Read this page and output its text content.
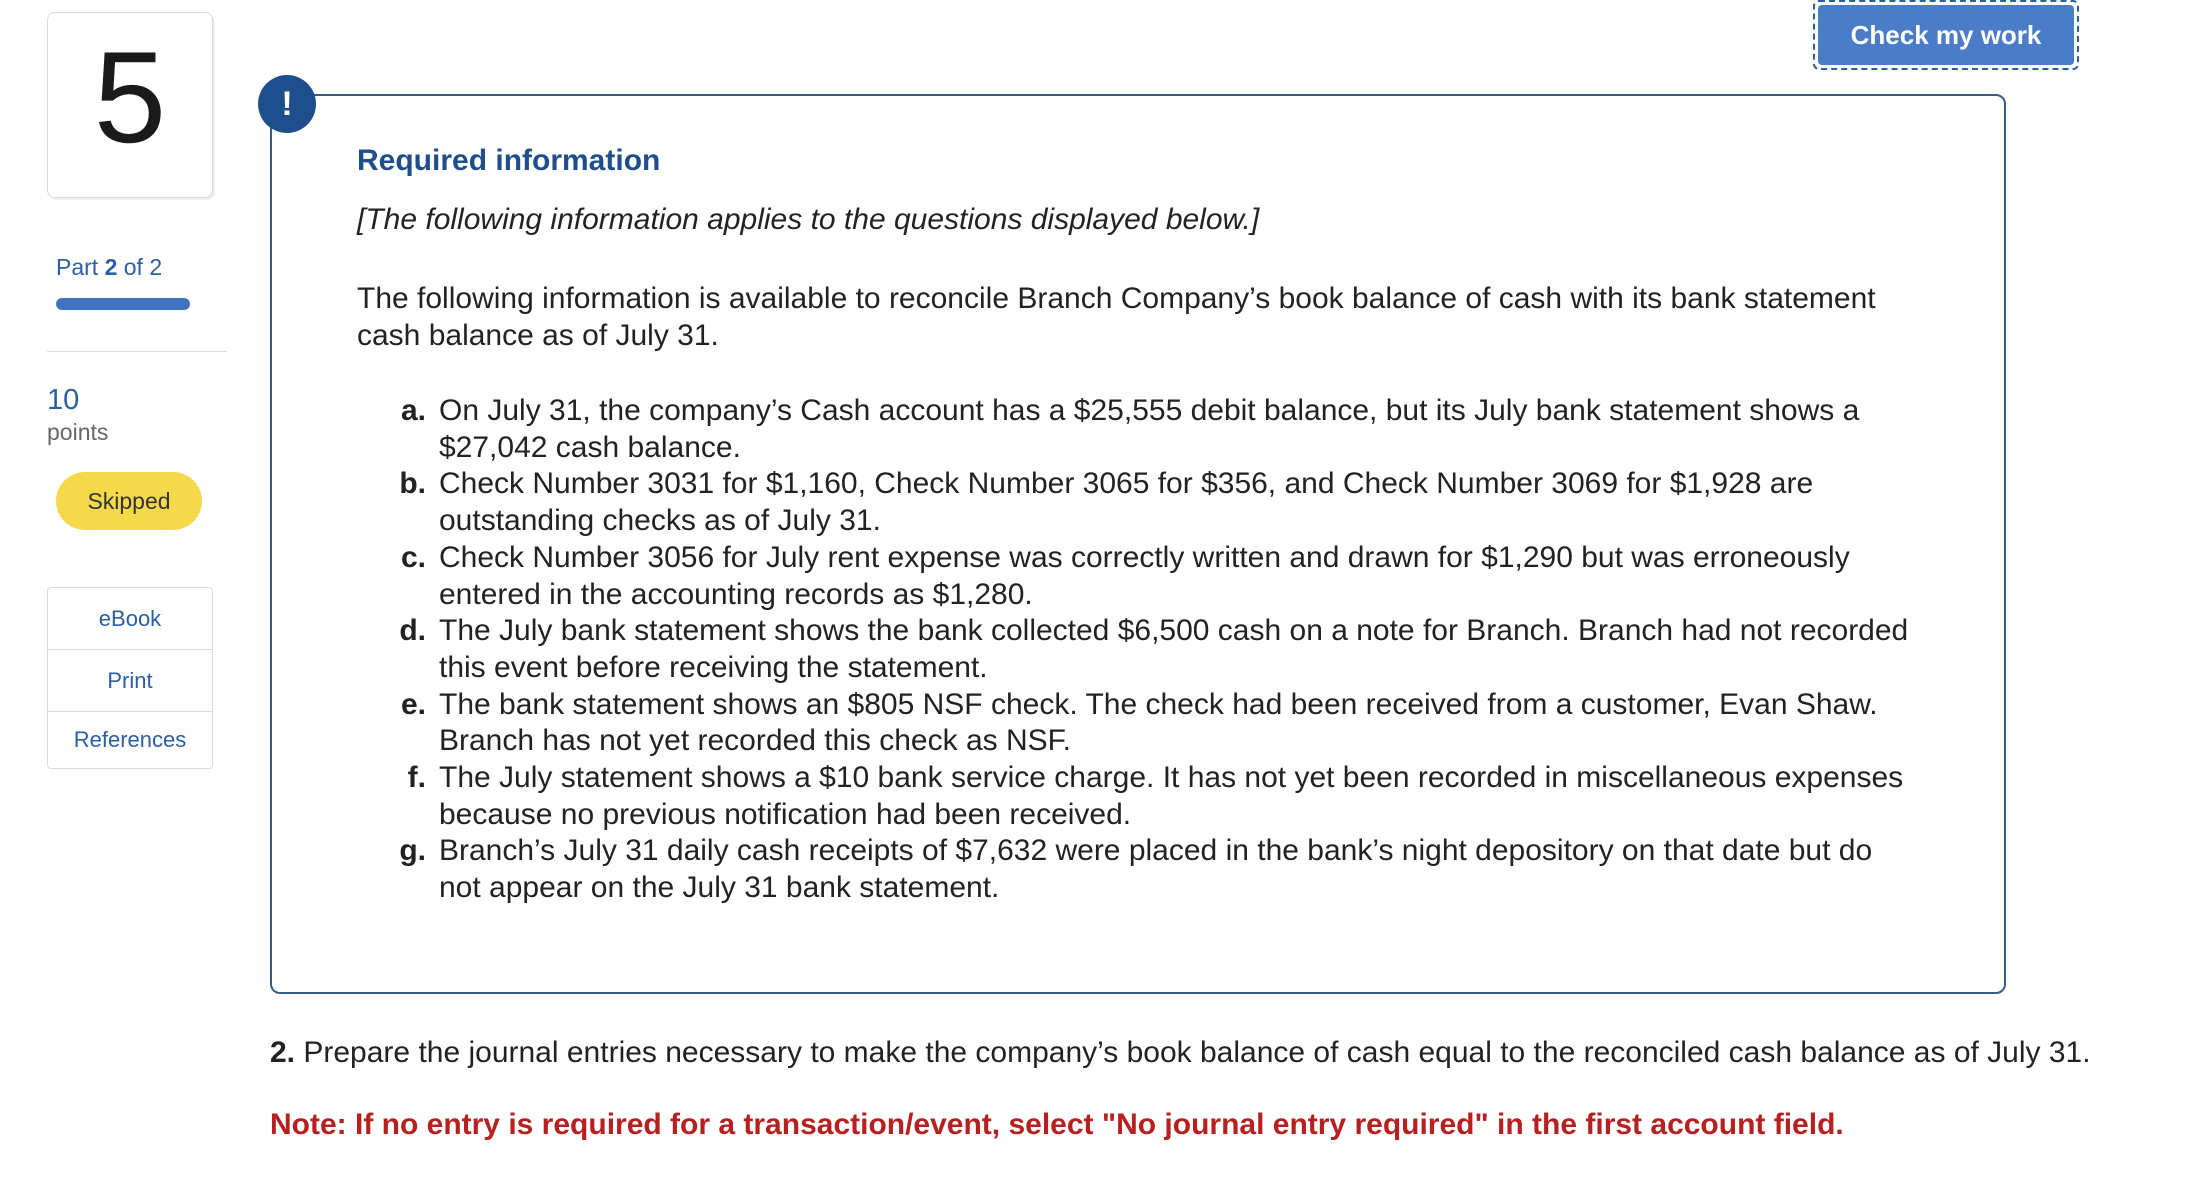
5
Part 2 of 2
10
points
Skipped
eBook
Print
References
Check my work
!
Required information
[The following information applies to the questions displayed below.]
The following information is available to reconcile Branch Company’s book balance of cash with its bank statement cash balance as of July 31.
a. On July 31, the company’s Cash account has a $25,555 debit balance, but its July bank statement shows a $27,042 cash balance.
b. Check Number 3031 for $1,160, Check Number 3065 for $356, and Check Number 3069 for $1,928 are outstanding checks as of July 31.
c. Check Number 3056 for July rent expense was correctly written and drawn for $1,290 but was erroneously entered in the accounting records as $1,280.
d. The July bank statement shows the bank collected $6,500 cash on a note for Branch. Branch had not recorded this event before receiving the statement.
e. The bank statement shows an $805 NSF check. The check had been received from a customer, Evan Shaw. Branch has not yet recorded this check as NSF.
f. The July statement shows a $10 bank service charge. It has not yet been recorded in miscellaneous expenses because no previous notification had been received.
g. Branch’s July 31 daily cash receipts of $7,632 were placed in the bank’s night depository on that date but do not appear on the July 31 bank statement.
2. Prepare the journal entries necessary to make the company’s book balance of cash equal to the reconciled cash balance as of July 31.
Note: If no entry is required for a transaction/event, select "No journal entry required" in the first account field.
